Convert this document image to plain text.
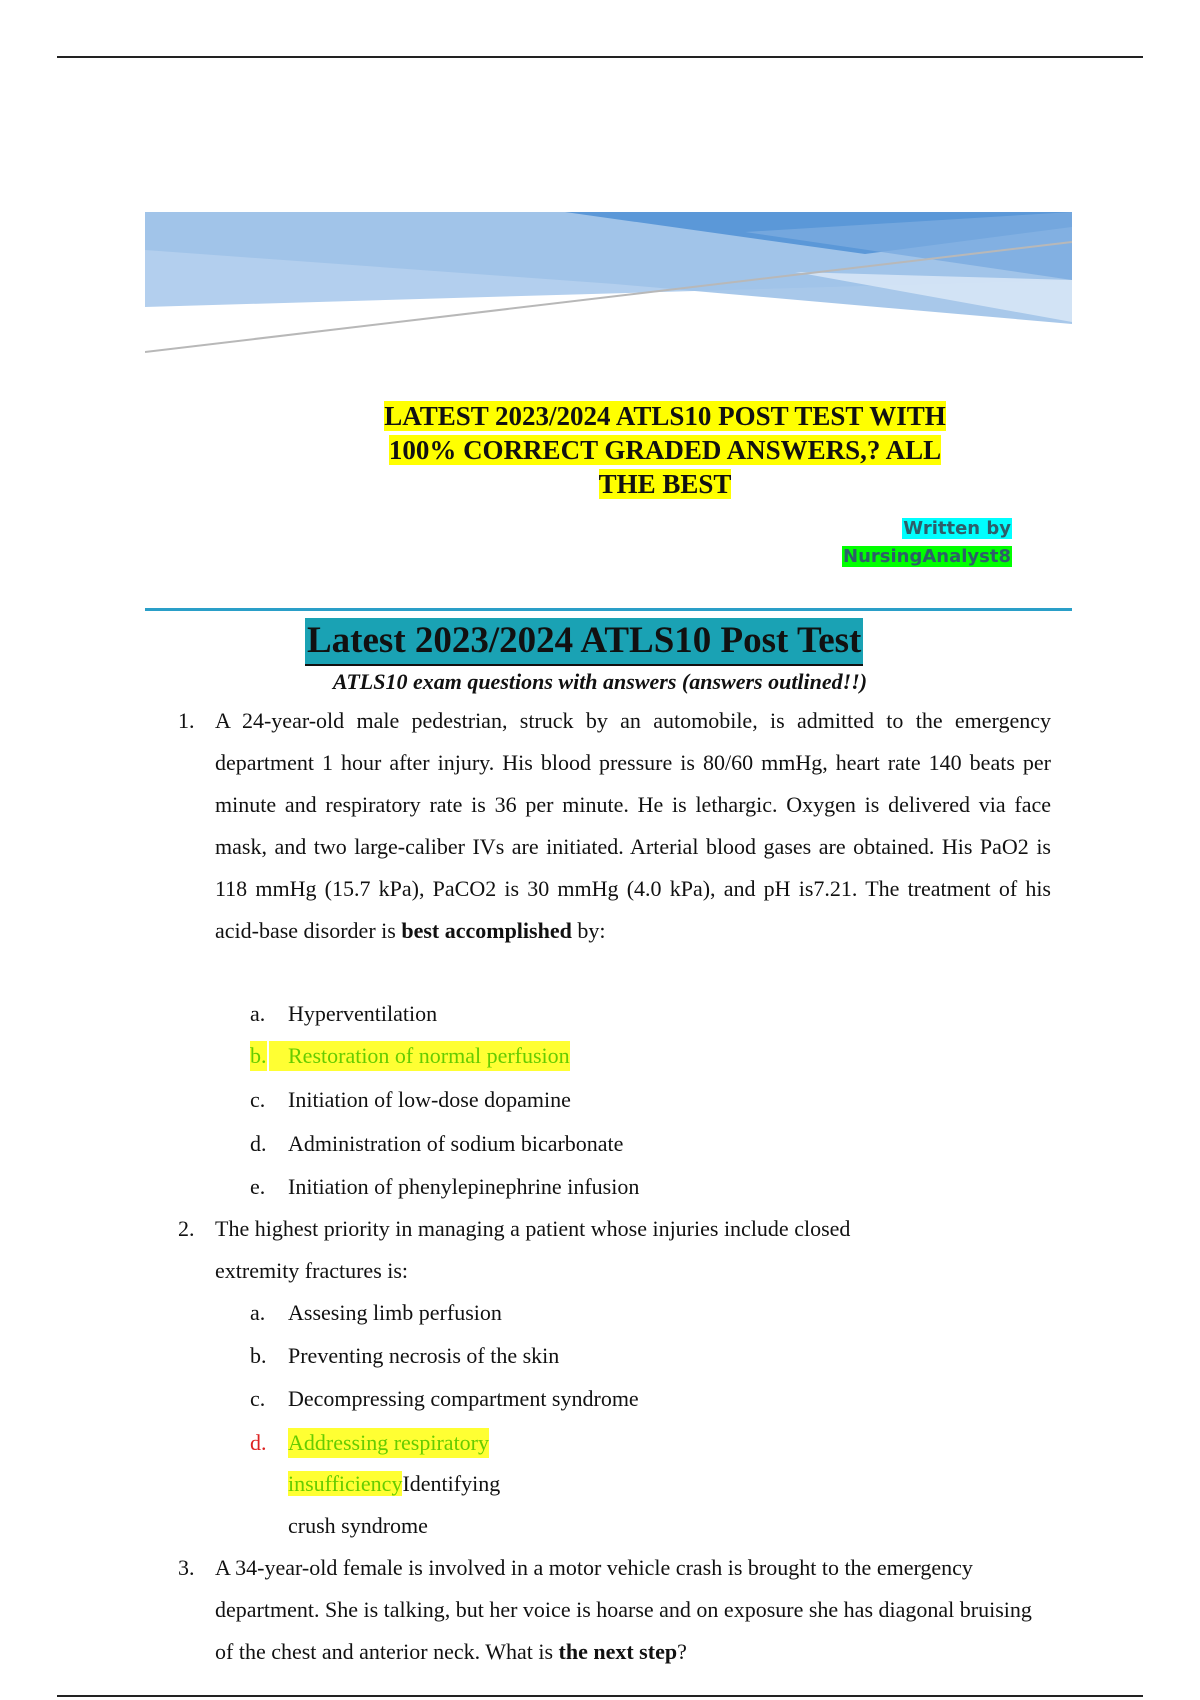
LATEST 2023/2024 ATLS10 POST TEST WITH
100% CORRECT GRADED ANSWERS,? ALL
THE BEST
Written by
NursingAnalyst8
Latest 2023/2024 ATLS10 Post Test
ATLS10 exam questions with answers (answers outlined!!)
1. A 24-year-old male pedestrian, struck by an automobile, is admitted to the emergency department 1 hour after injury. His blood pressure is 80/60 mmHg, heart rate 140 beats per minute and respiratory rate is 36 per minute. He is lethargic. Oxygen is delivered via face mask, and two large-caliber IVs are initiated. Arterial blood gases are obtained. His PaO2 is 118 mmHg (15.7 kPa), PaCO2 is 30 mmHg (4.0 kPa), and pH is7.21. The treatment of his acid-base disorder is best accomplished by:
a. Hyperventilation
b. Restoration of normal perfusion
c. Initiation of low-dose dopamine
d. Administration of sodium bicarbonate
e. Initiation of phenylepinephrine infusion
2. The highest priority in managing a patient whose injuries include closed
extremity fractures is:
a. Assesing limb perfusion
b. Preventing necrosis of the skin
c. Decompressing compartment syndrome
d. Addressing respiratory
insufficiencyIdentifying
crush syndrome
3. A 34-year-old female is involved in a motor vehicle crash is brought to the emergency department. She is talking, but her voice is hoarse and on exposure she has diagonal bruising of the chest and anterior neck. What is the next step?
